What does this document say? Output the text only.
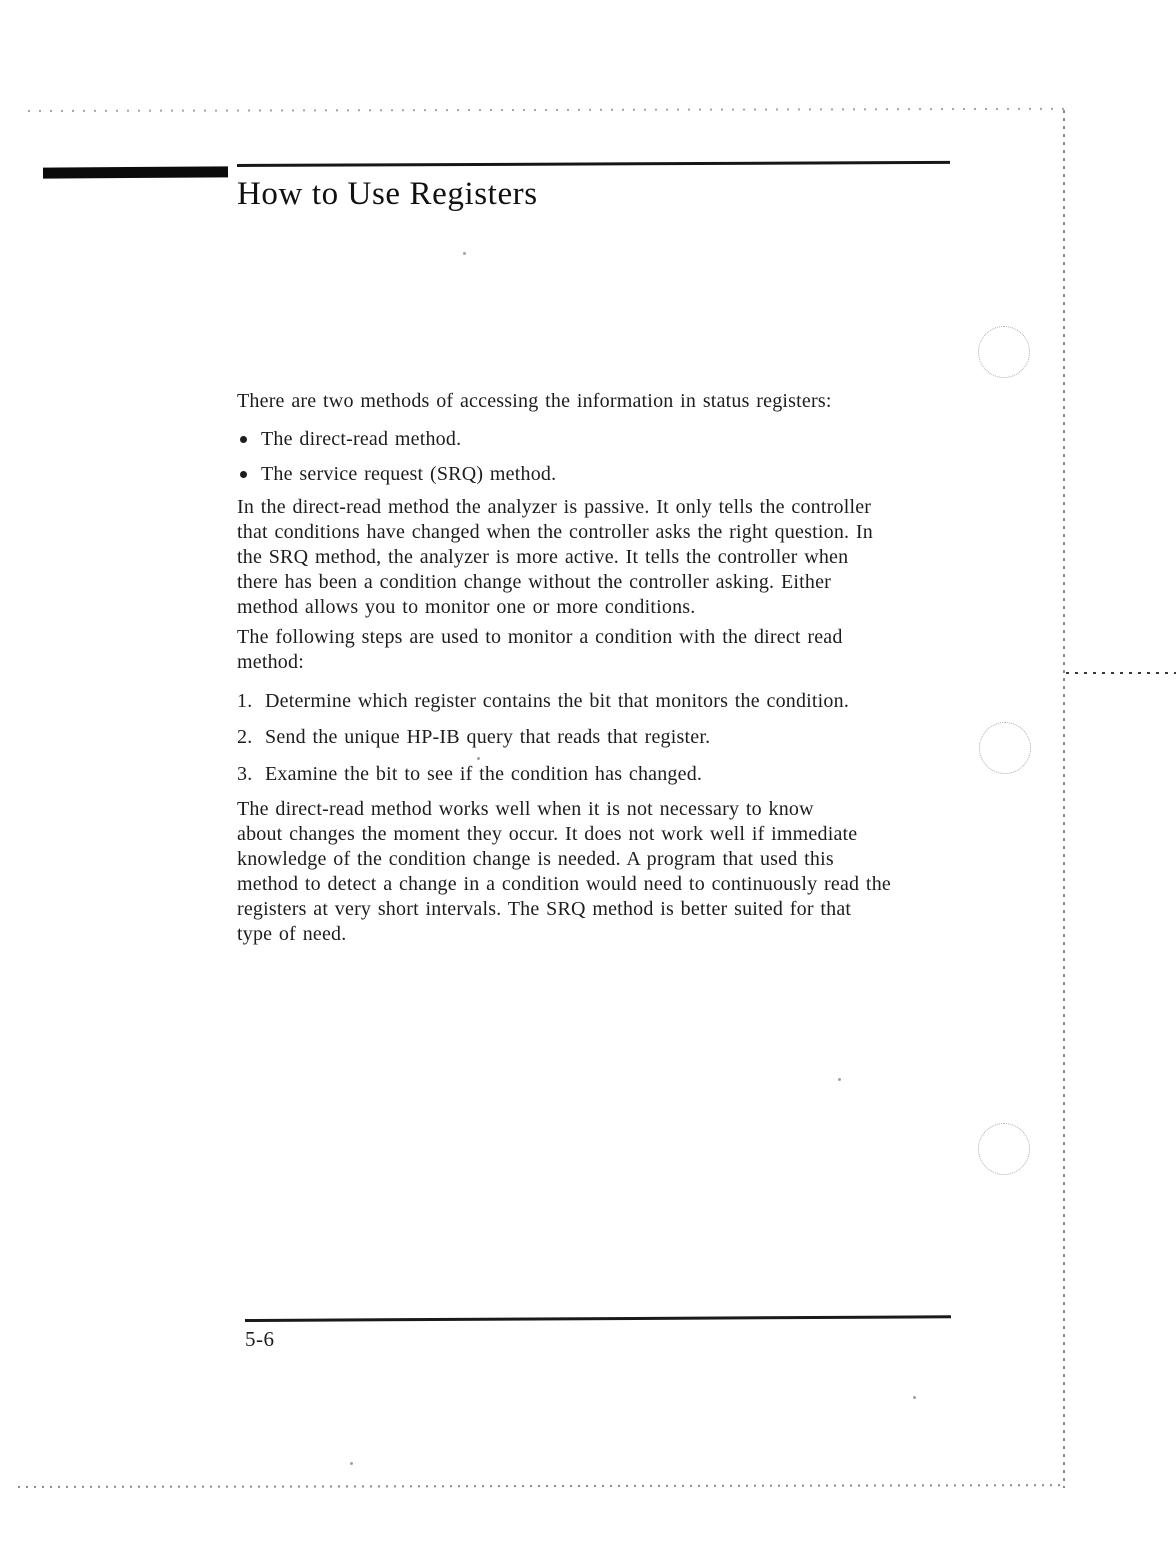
How to Use Registers
There are two methods of accessing the information in status registers:
The direct-read method.
The service request (SRQ) method.
In the direct-read method the analyzer is passive. It only tells the controller
that conditions have changed when the controller asks the right question. In
the SRQ method, the analyzer is more active. It tells the controller when
there has been a condition change without the controller asking. Either
method allows you to monitor one or more conditions.
The following steps are used to monitor a condition with the direct read
method:
1. Determine which register contains the bit that monitors the condition.
2. Send the unique HP-IB query that reads that register.
3. Examine the bit to see if the condition has changed.
The direct-read method works well when it is not necessary to know
about changes the moment they occur. It does not work well if immediate
knowledge of the condition change is needed. A program that used this
method to detect a change in a condition would need to continuously read the
registers at very short intervals. The SRQ method is better suited for that
type of need.
5-6
